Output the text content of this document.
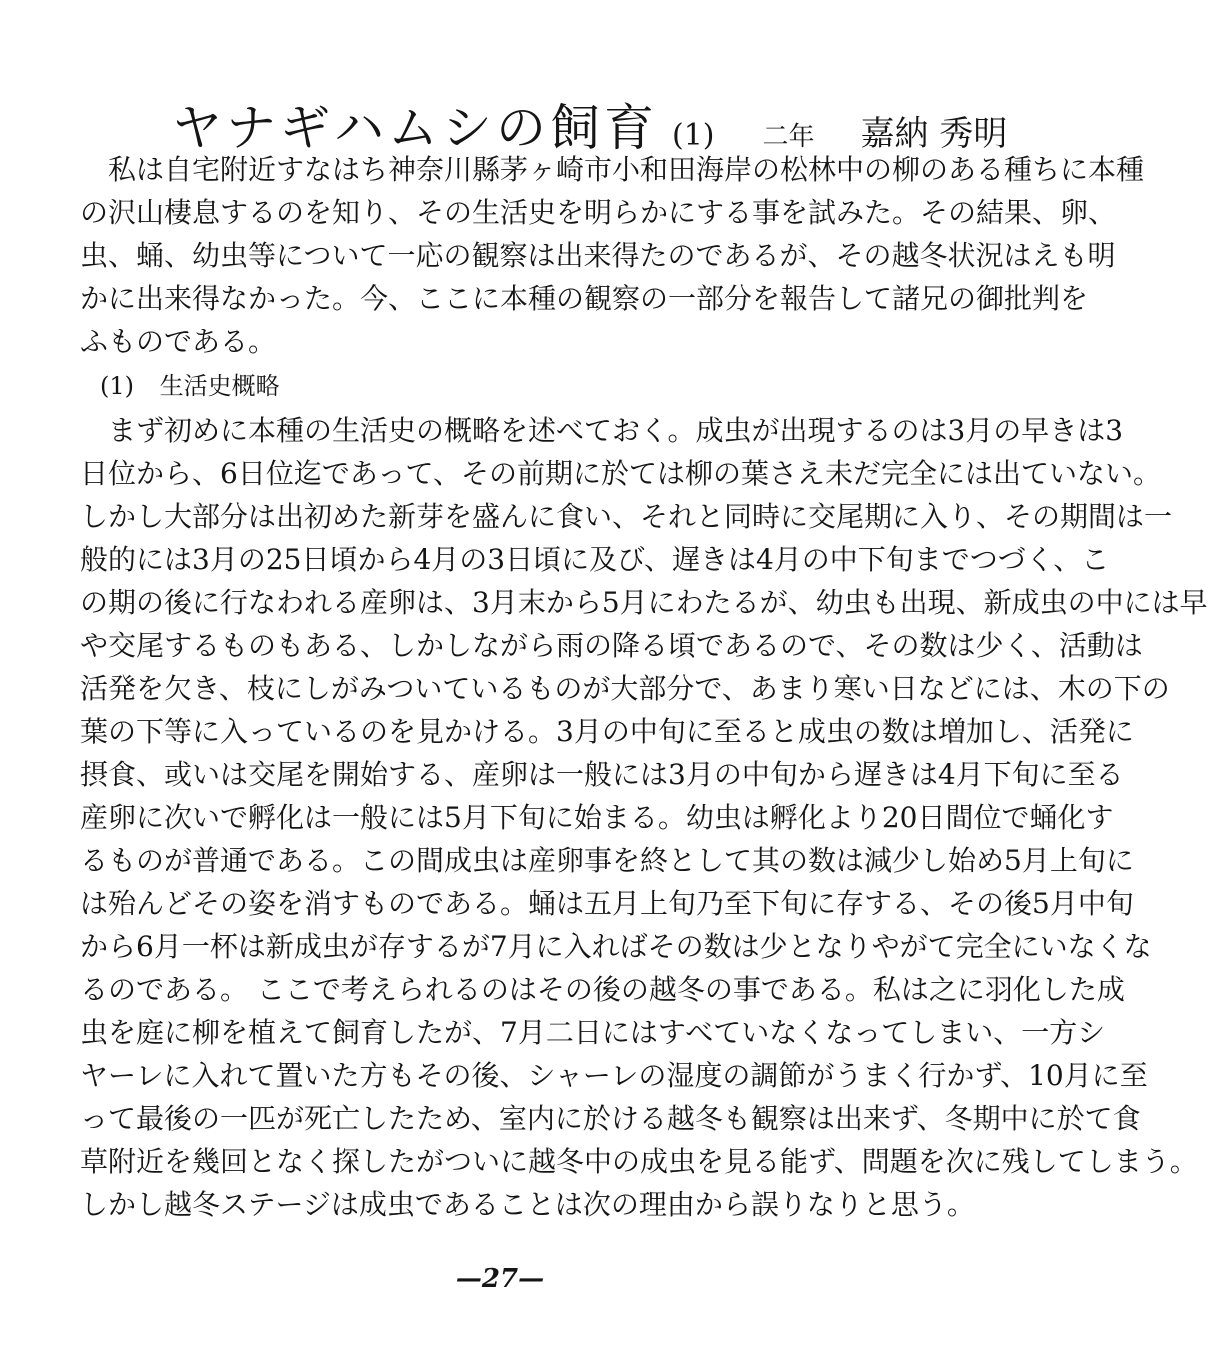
ヤナギハムシの飼育 (1) 二年 嘉納 秀明
私は自宅附近すなはち神奈川縣茅ヶ崎市小和田海岸の松林中の柳のある種ちに本種
の沢山棲息するのを知り、その生活史を明らかにする事を試みた。その結果、卵、
虫、蛹、幼虫等について一応の観察は出来得たのであるが、その越冬状況はえも明
かに出来得なかった。今、ここに本種の観察の一部分を報告して諸兄の御批判を
ふものである。
(1) 生活史概略
まず初めに本種の生活史の概略を述べておく。成虫が出現するのは3月の早きは3
日位から、6日位迄であって、その前期に於ては柳の葉さえ未だ完全には出ていない。
しかし大部分は出初めた新芽を盛んに食い、それと同時に交尾期に入り、その期間は一
般的には3月の25日頃から4月の3日頃に及び、遅きは4月の中下旬までつづく、こ
の期の後に行なわれる産卵は、3月末から5月にわたるが、幼虫も出現、新成虫の中には早
や交尾するものもある、しかしながら雨の降る頃であるので、その数は少く、活動は
活発を欠き、枝にしがみついているものが大部分で、あまり寒い日などには、木の下の
葉の下等に入っているのを見かける。3月の中旬に至ると成虫の数は増加し、活発に
摂食、或いは交尾を開始する、産卵は一般には3月の中旬から遅きは4月下旬に至る
産卵に次いで孵化は一般には5月下旬に始まる。幼虫は孵化より20日間位で蛹化す
るものが普通である。この間成虫は産卵事を終として其の数は減少し始め5月上旬に
は殆んどその姿を消すものである。蛹は五月上旬乃至下旬に存する、その後5月中旬
から6月一杯は新成虫が存するが7月に入ればその数は少となりやがて完全にいなくな
るのである。 ここで考えられるのはその後の越冬の事である。私は之に羽化した成
虫を庭に柳を植えて飼育したが、7月二日にはすべていなくなってしまい、一方シ
ヤーレに入れて置いた方もその後、シャーレの湿度の調節がうまく行かず、10月に至
って最後の一匹が死亡したため、室内に於ける越冬も観察は出来ず、冬期中に於て食
草附近を幾回となく探したがついに越冬中の成虫を見る能ず、問題を次に残してしまう。
しかし越冬ステージは成虫であることは次の理由から誤りなりと思う。
—27—
